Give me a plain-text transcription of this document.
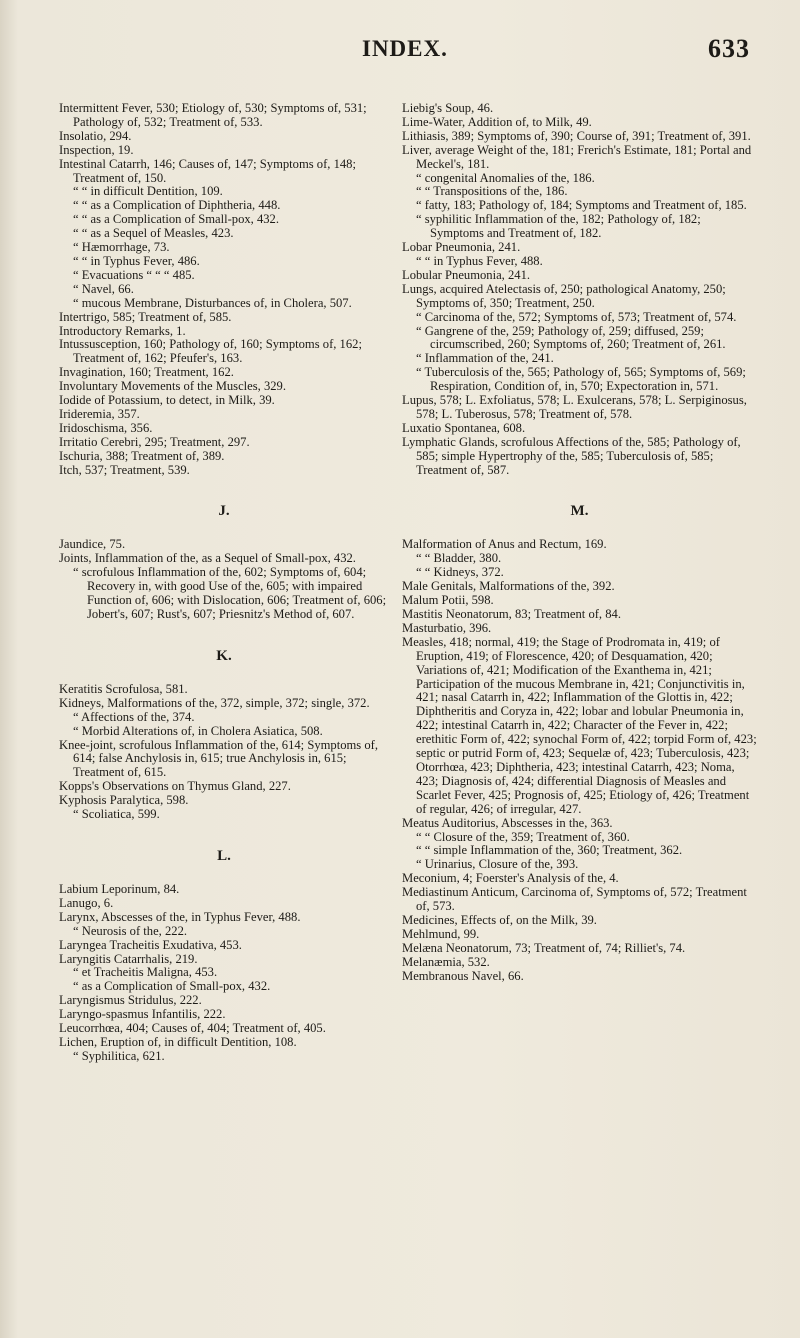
INDEX.	633

Intermittent Fever, 530; Etiology of, 530; Symptoms of, 531; Pathology of, 532; Treatment of, 533.

Insolatio, 294.

Inspection, 19.

Intestinal Catarrh, 146; Causes of, 147; Symptoms of, 148; Treatment of, 150.

“ “ in difficult Dentition, 109.

“ “ as a Complication of Diphtheria, 448.

“ “ as a Complication of Small-pox, 432.

“ “ as a Sequel of Measles, 423.

“ Hæmorrhage, 73.

“ “ in Typhus Fever, 486.

“ Evacuations “ “ “ 485.

“ Navel, 66.

“ mucous Membrane, Disturbances of, in Cholera, 507.

Intertrigo, 585; Treatment of, 585.

Introductory Remarks, 1.

Intussusception, 160; Pathology of, 160; Symptoms of, 162; Treatment of, 162; Pfeufer's, 163.

Invagination, 160; Treatment, 162.

Involuntary Movements of the Muscles, 329.

Iodide of Potassium, to detect, in Milk, 39.

Irideremia, 357.

Iridoschisma, 356.

Irritatio Cerebri, 295; Treatment, 297.

Ischuria, 388; Treatment of, 389.

Itch, 537; Treatment, 539.

J.

Jaundice, 75.

Joints, Inflammation of the, as a Sequel of Small-pox, 432.

“ scrofulous Inflammation of the, 602; Symptoms of, 604; Recovery in, with good Use of the, 605; with impaired Function of, 606; with Dislocation, 606; Treatment of, 606; Jobert's, 607; Rust's, 607; Priesnitz's Method of, 607.

K.

Keratitis Scrofulosa, 581.

Kidneys, Malformations of the, 372, simple, 372; single, 372.

“ Affections of the, 374.

“ Morbid Alterations of, in Cholera Asiatica, 508.

Knee-joint, scrofulous Inflammation of the, 614; Symptoms of, 614; false Anchylosis in, 615; true Anchylosis in, 615; Treatment of, 615.

Kopps's Observations on Thymus Gland, 227.

Kyphosis Paralytica, 598.

“ Scoliatica, 599.

L.

Labium Leporinum, 84.

Lanugo, 6.

Larynx, Abscesses of the, in Typhus Fever, 488.

“ Neurosis of the, 222.

Laryngea Tracheitis Exudativa, 453.

Laryngitis Catarrhalis, 219.

“ et Tracheitis Maligna, 453.

“ as a Complication of Small-pox, 432.

Laryngismus Stridulus, 222.

Laryngo-spasmus Infantilis, 222.

Leucorrhœa, 404; Causes of, 404; Treatment of, 405.

Lichen, Eruption of, in difficult Dentition, 108.

“ Syphilitica, 621.

Liebig's Soup, 46.

Lime-Water, Addition of, to Milk, 49.

Lithiasis, 389; Symptoms of, 390; Course of, 391; Treatment of, 391.

Liver, average Weight of the, 181; Frerich's Estimate, 181; Portal and Meckel's, 181.

“ congenital Anomalies of the, 186.

“ “ Transpositions of the, 186.

“ fatty, 183; Pathology of, 184; Symptoms and Treatment of, 185.

“ syphilitic Inflammation of the, 182; Pathology of, 182; Symptoms and Treatment of, 182.

Lobar Pneumonia, 241.

“ “ in Typhus Fever, 488.

Lobular Pneumonia, 241.

Lungs, acquired Atelectasis of, 250; pathological Anatomy, 250; Symptoms of, 350; Treatment, 250.

“ Carcinoma of the, 572; Symptoms of, 573; Treatment of, 574.

“ Gangrene of the, 259; Pathology of, 259; diffused, 259; circumscribed, 260; Symptoms of, 260; Treatment of, 261.

“ Inflammation of the, 241.

“ Tuberculosis of the, 565; Pathology of, 565; Symptoms of, 569; Respiration, Condition of, in, 570; Expectoration in, 571.

Lupus, 578; L. Exfoliatus, 578; L. Exulcerans, 578; L. Serpiginosus, 578; L. Tuberosus, 578; Treatment of, 578.

Luxatio Spontanea, 608.

Lymphatic Glands, scrofulous Affections of the, 585; Pathology of, 585; simple Hypertrophy of the, 585; Tuberculosis of, 585; Treatment of, 587.

M.

Malformation of Anus and Rectum, 169.

“ “ Bladder, 380.

“ “ Kidneys, 372.

Male Genitals, Malformations of the, 392.

Malum Potii, 598.

Mastitis Neonatorum, 83; Treatment of, 84.

Masturbatio, 396.

Measles, 418; normal, 419; the Stage of Prodromata in, 419; of Eruption, 419; of Florescence, 420; of Desquamation, 420; Variations of, 421; Modification of the Exanthema in, 421; Participation of the mucous Membrane in, 421; Conjunctivitis in, 421; nasal Catarrh in, 422; Inflammation of the Glottis in, 422; Diphtheritis and Coryza in, 422; lobar and lobular Pneumonia in, 422; intestinal Catarrh in, 422; Character of the Fever in, 422; erethitic Form of, 422; synochal Form of, 422; torpid Form of, 423; septic or putrid Form of, 423; Sequelæ of, 423; Tuberculosis, 423; Otorrhœa, 423; Diphtheria, 423; intestinal Catarrh, 423; Noma, 423; Diagnosis of, 424; differential Diagnosis of Measles and Scarlet Fever, 425; Prognosis of, 425; Etiology of, 426; Treatment of regular, 426; of irregular, 427.

Meatus Auditorius, Abscesses in the, 363.

“ “ Closure of the, 359; Treatment of, 360.

“ “ simple Inflammation of the, 360; Treatment, 362.

“ Urinarius, Closure of the, 393.

Meconium, 4; Foerster's Analysis of the, 4.

Mediastinum Anticum, Carcinoma of, Symptoms of, 572; Treatment of, 573.

Medicines, Effects of, on the Milk, 39.

Mehlmund, 99.

Melæna Neonatorum, 73; Treatment of, 74; Rilliet's, 74.

Melanæmia, 532.

Membranous Navel, 66.
